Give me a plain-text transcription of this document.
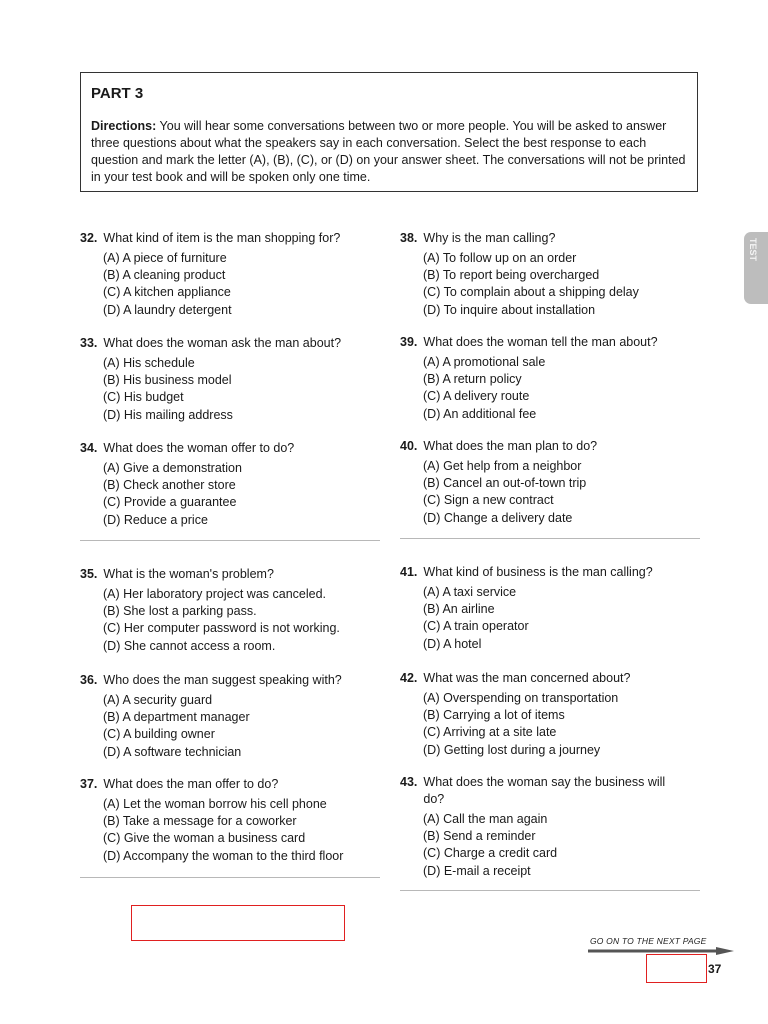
PART 3

Directions: You will hear some conversations between two or more people. You will be asked to answer three questions about what the speakers say in each conversation. Select the best response to each question and mark the letter (A), (B), (C), or (D) on your answer sheet. The conversations will not be printed in your test book and will be spoken only one time.

TEST
32. What kind of item is the man shopping for?
(A) A piece of furniture
(B) A cleaning product
(C) A kitchen appliance
(D) A laundry detergent
33. What does the woman ask the man about?
(A) His schedule
(B) His business model
(C) His budget
(D) His mailing address
34. What does the woman offer to do?
(A) Give a demonstration
(B) Check another store
(C) Provide a guarantee
(D) Reduce a price
35. What is the woman's problem?
(A) Her laboratory project was canceled.
(B) She lost a parking pass.
(C) Her computer password is not working.
(D) She cannot access a room.
36. Who does the man suggest speaking with?
(A) A security guard
(B) A department manager
(C) A building owner
(D) A software technician
37. What does the man offer to do?
(A) Let the woman borrow his cell phone
(B) Take a message for a coworker
(C) Give the woman a business card
(D) Accompany the woman to the third floor
38. Why is the man calling?
(A) To follow up on an order
(B) To report being overcharged
(C) To complain about a shipping delay
(D) To inquire about installation
39. What does the woman tell the man about?
(A) A promotional sale
(B) A return policy
(C) A delivery route
(D) An additional fee
40. What does the man plan to do?
(A) Get help from a neighbor
(B) Cancel an out-of-town trip
(C) Sign a new contract
(D) Change a delivery date
41. What kind of business is the man calling?
(A) A taxi service
(B) An airline
(C) A train operator
(D) A hotel
42. What was the man concerned about?
(A) Overspending on transportation
(B) Carrying a lot of items
(C) Arriving at a site late
(D) Getting lost during a journey
43. What does the woman say the business will do?
(A) Call the man again
(B) Send a reminder
(C) Charge a credit card
(D) E-mail a receipt
GO ON TO THE NEXT PAGE
37
